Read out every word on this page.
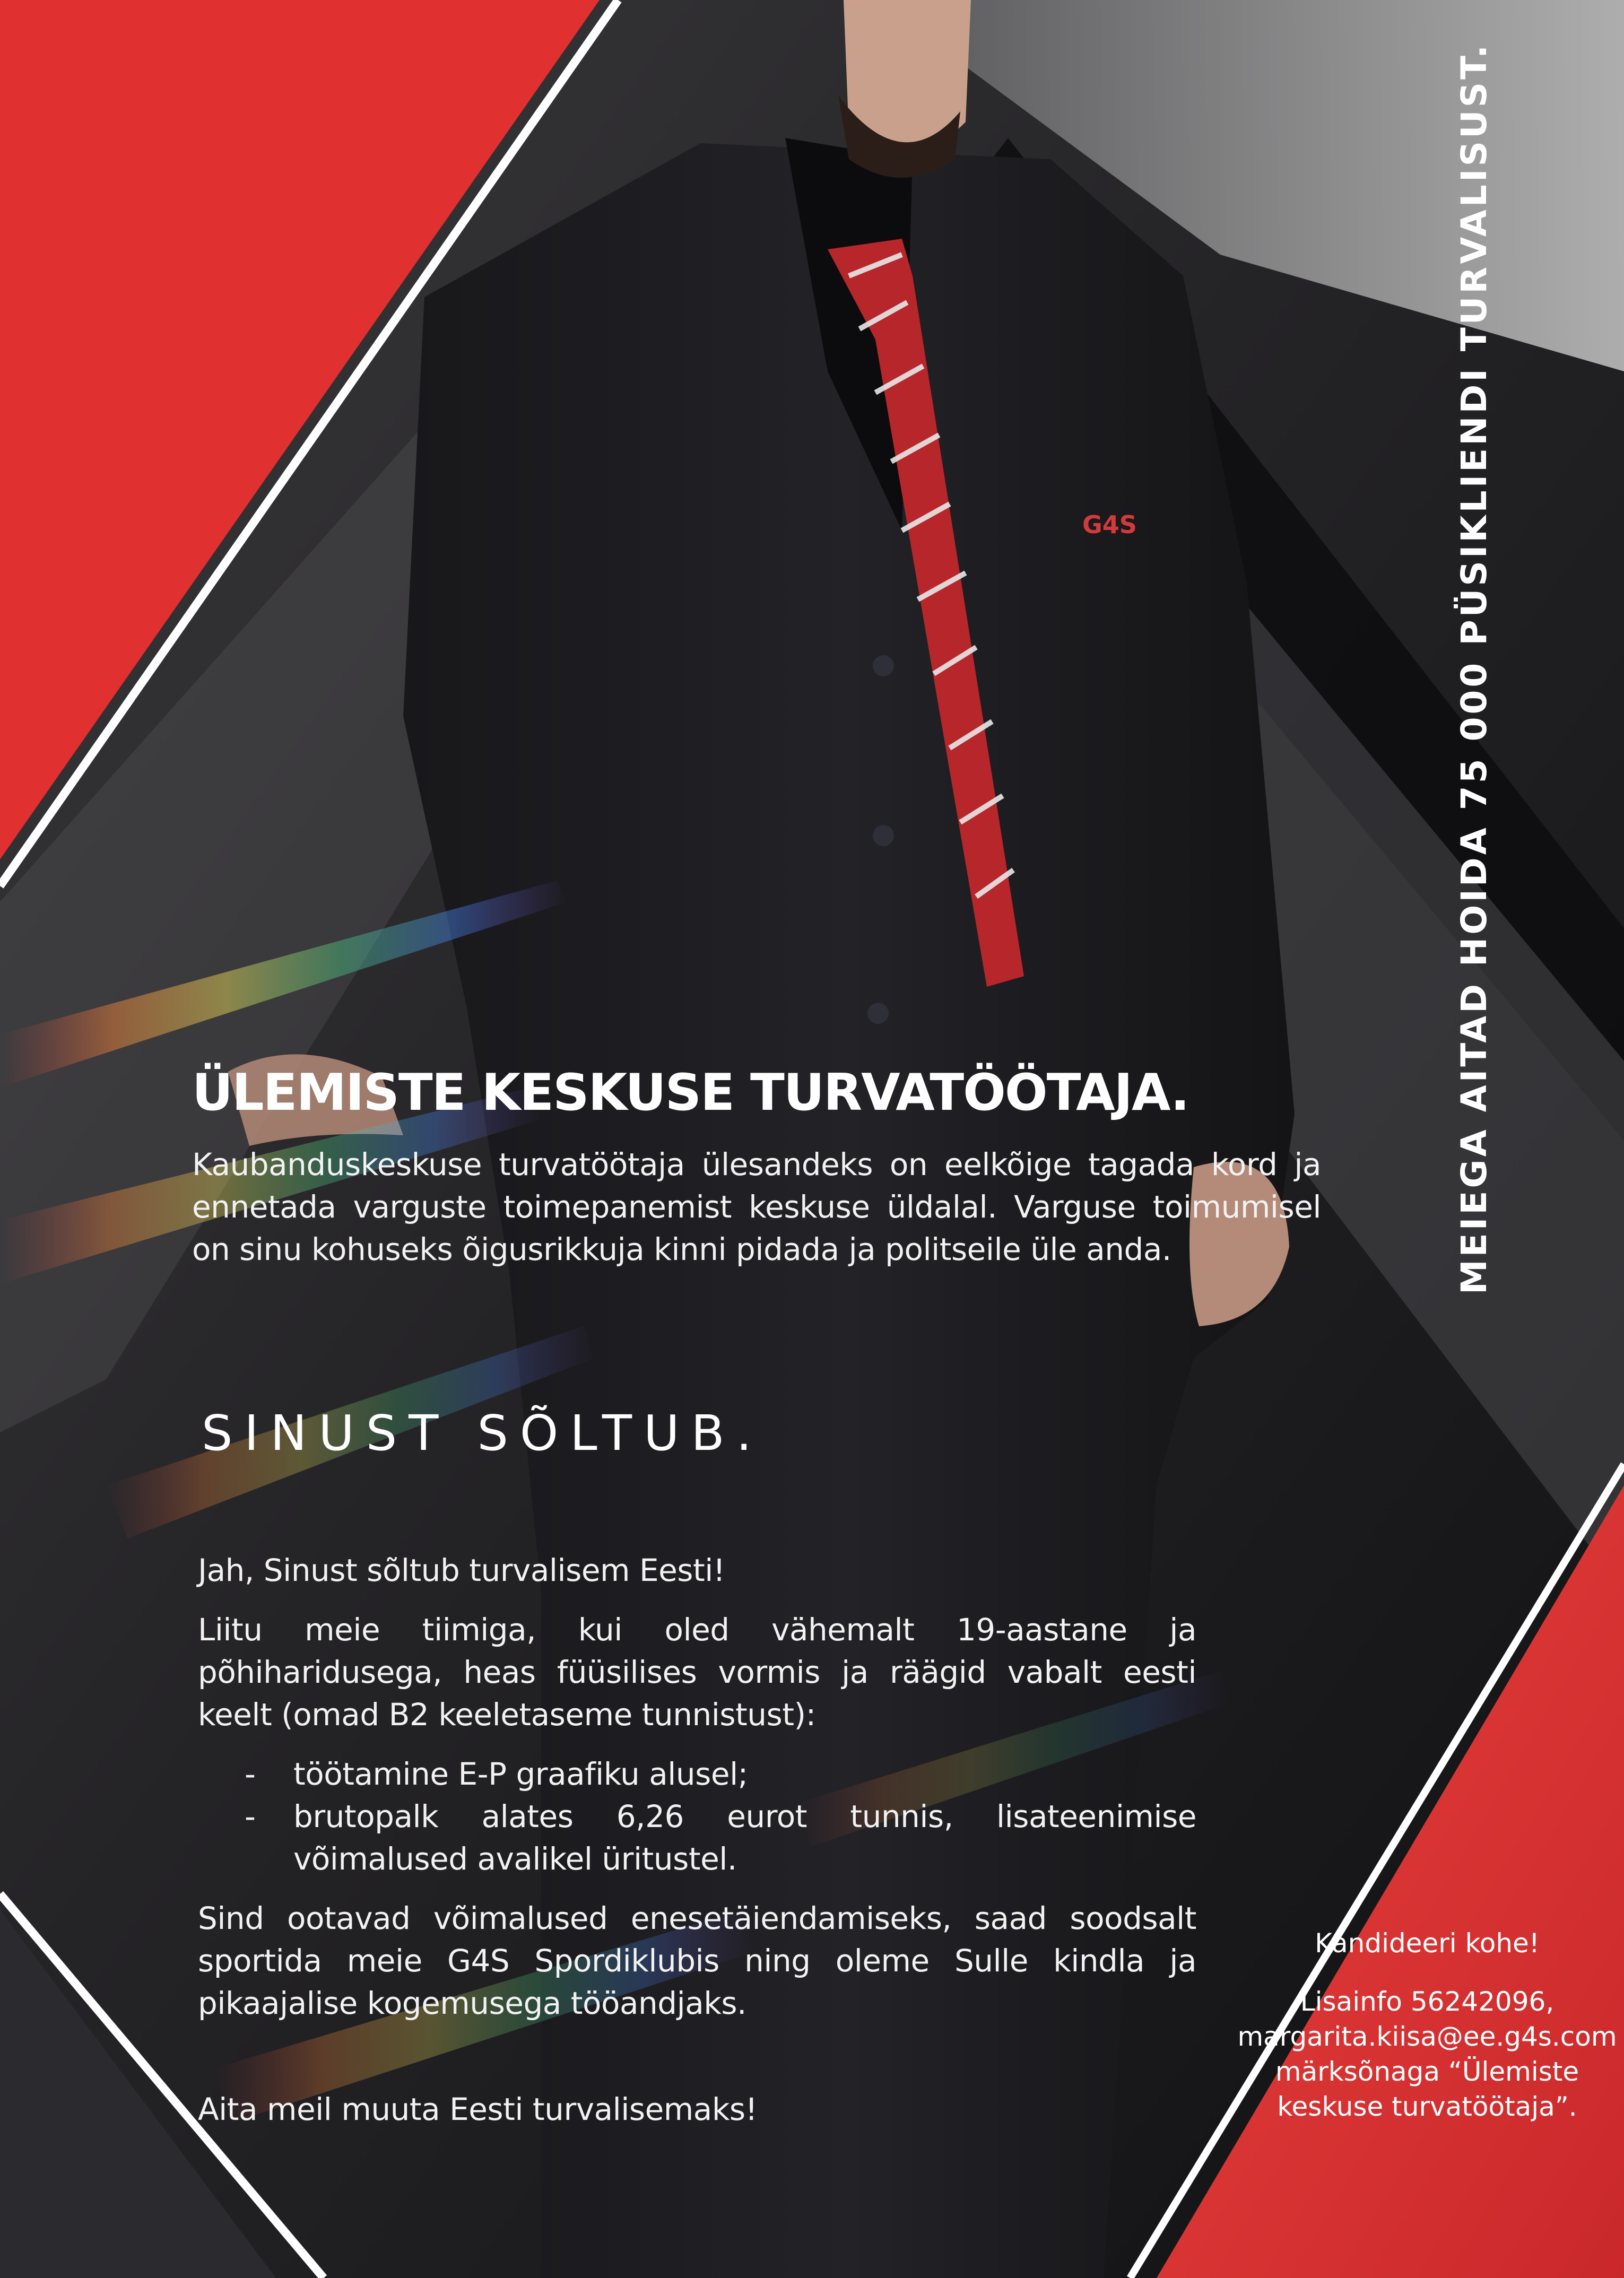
G4S
ÜLEMISTE KESKUSE TURVATÖÖTAJA.

Kaubanduskeskuse turvatöötaja ülesandeks on eelkõige tagada kord ja ennetada varguste toimepanemist keskuse üldalal. Varguse toimumisel on sinu kohuseks õigusrikkuja kinni pidada ja politseile üle anda.

SINUST SÕLTUB.

Jah, Sinust sõltub turvalisem Eesti!

Liitu meie tiimiga, kui oled vähemalt 19-aastane ja põhiharidusega, heas füüsilises vormis ja räägid vabalt eesti keelt (omad B2 keeletaseme tunnistust):

- töötamine E-P graafiku alusel;
- brutopalk alates 6,26 eurot tunnis, lisateenimise võimalused avalikel üritustel.

Sind ootavad võimalused enesetäiendamiseks, saad soodsalt sportida meie G4S Spordiklubis ning oleme Sulle kindla ja pikaajalise kogemusega tööandjaks.

Aita meil muuta Eesti turvalisemaks!

MEIEGA AITAD HOIDA 75 000 PÜSIKLIENDI TURVALISUST.

Kandideeri kohe!

Lisainfo 56242096,

margarita.kiisa@ee.g4s.com

märksõnaga “Ülemiste

keskuse turvatöötaja”.
